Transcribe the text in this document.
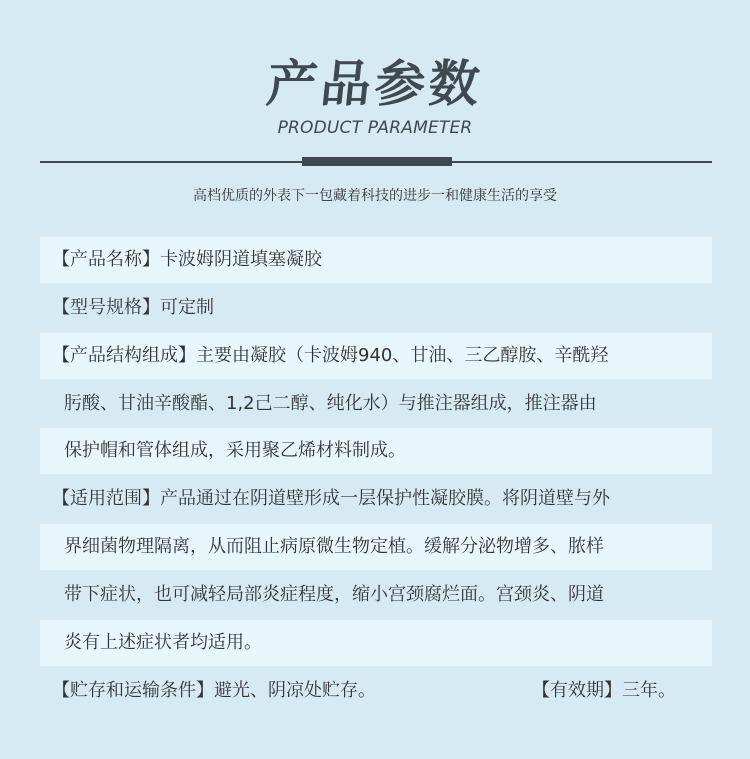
产品参数
PRODUCT PARAMETER
高档优质的外表下一包藏着科技的进步一和健康生活的享受
【产品名称】卡波姆阴道填塞凝胶
【型号规格】可定制
【产品结构组成】主要由凝胶（卡波姆940、甘油、三乙醇胺、辛酰羟
肟酸、甘油辛酸酯、1,2己二醇、纯化水）与推注器组成，推注器由
保护帽和管体组成，采用聚乙烯材料制成。
【适用范围】产品通过在阴道壁形成一层保护性凝胶膜。将阴道壁与外
界细菌物理隔离，从而阻止病原微生物定植。缓解分泌物增多、脓样
带下症状，也可减轻局部炎症程度，缩小宫颈腐烂面。宫颈炎、阴道
炎有上述症状者均适用。
【贮存和运输条件】避光、阴凉处贮存。	【有效期】三年。
